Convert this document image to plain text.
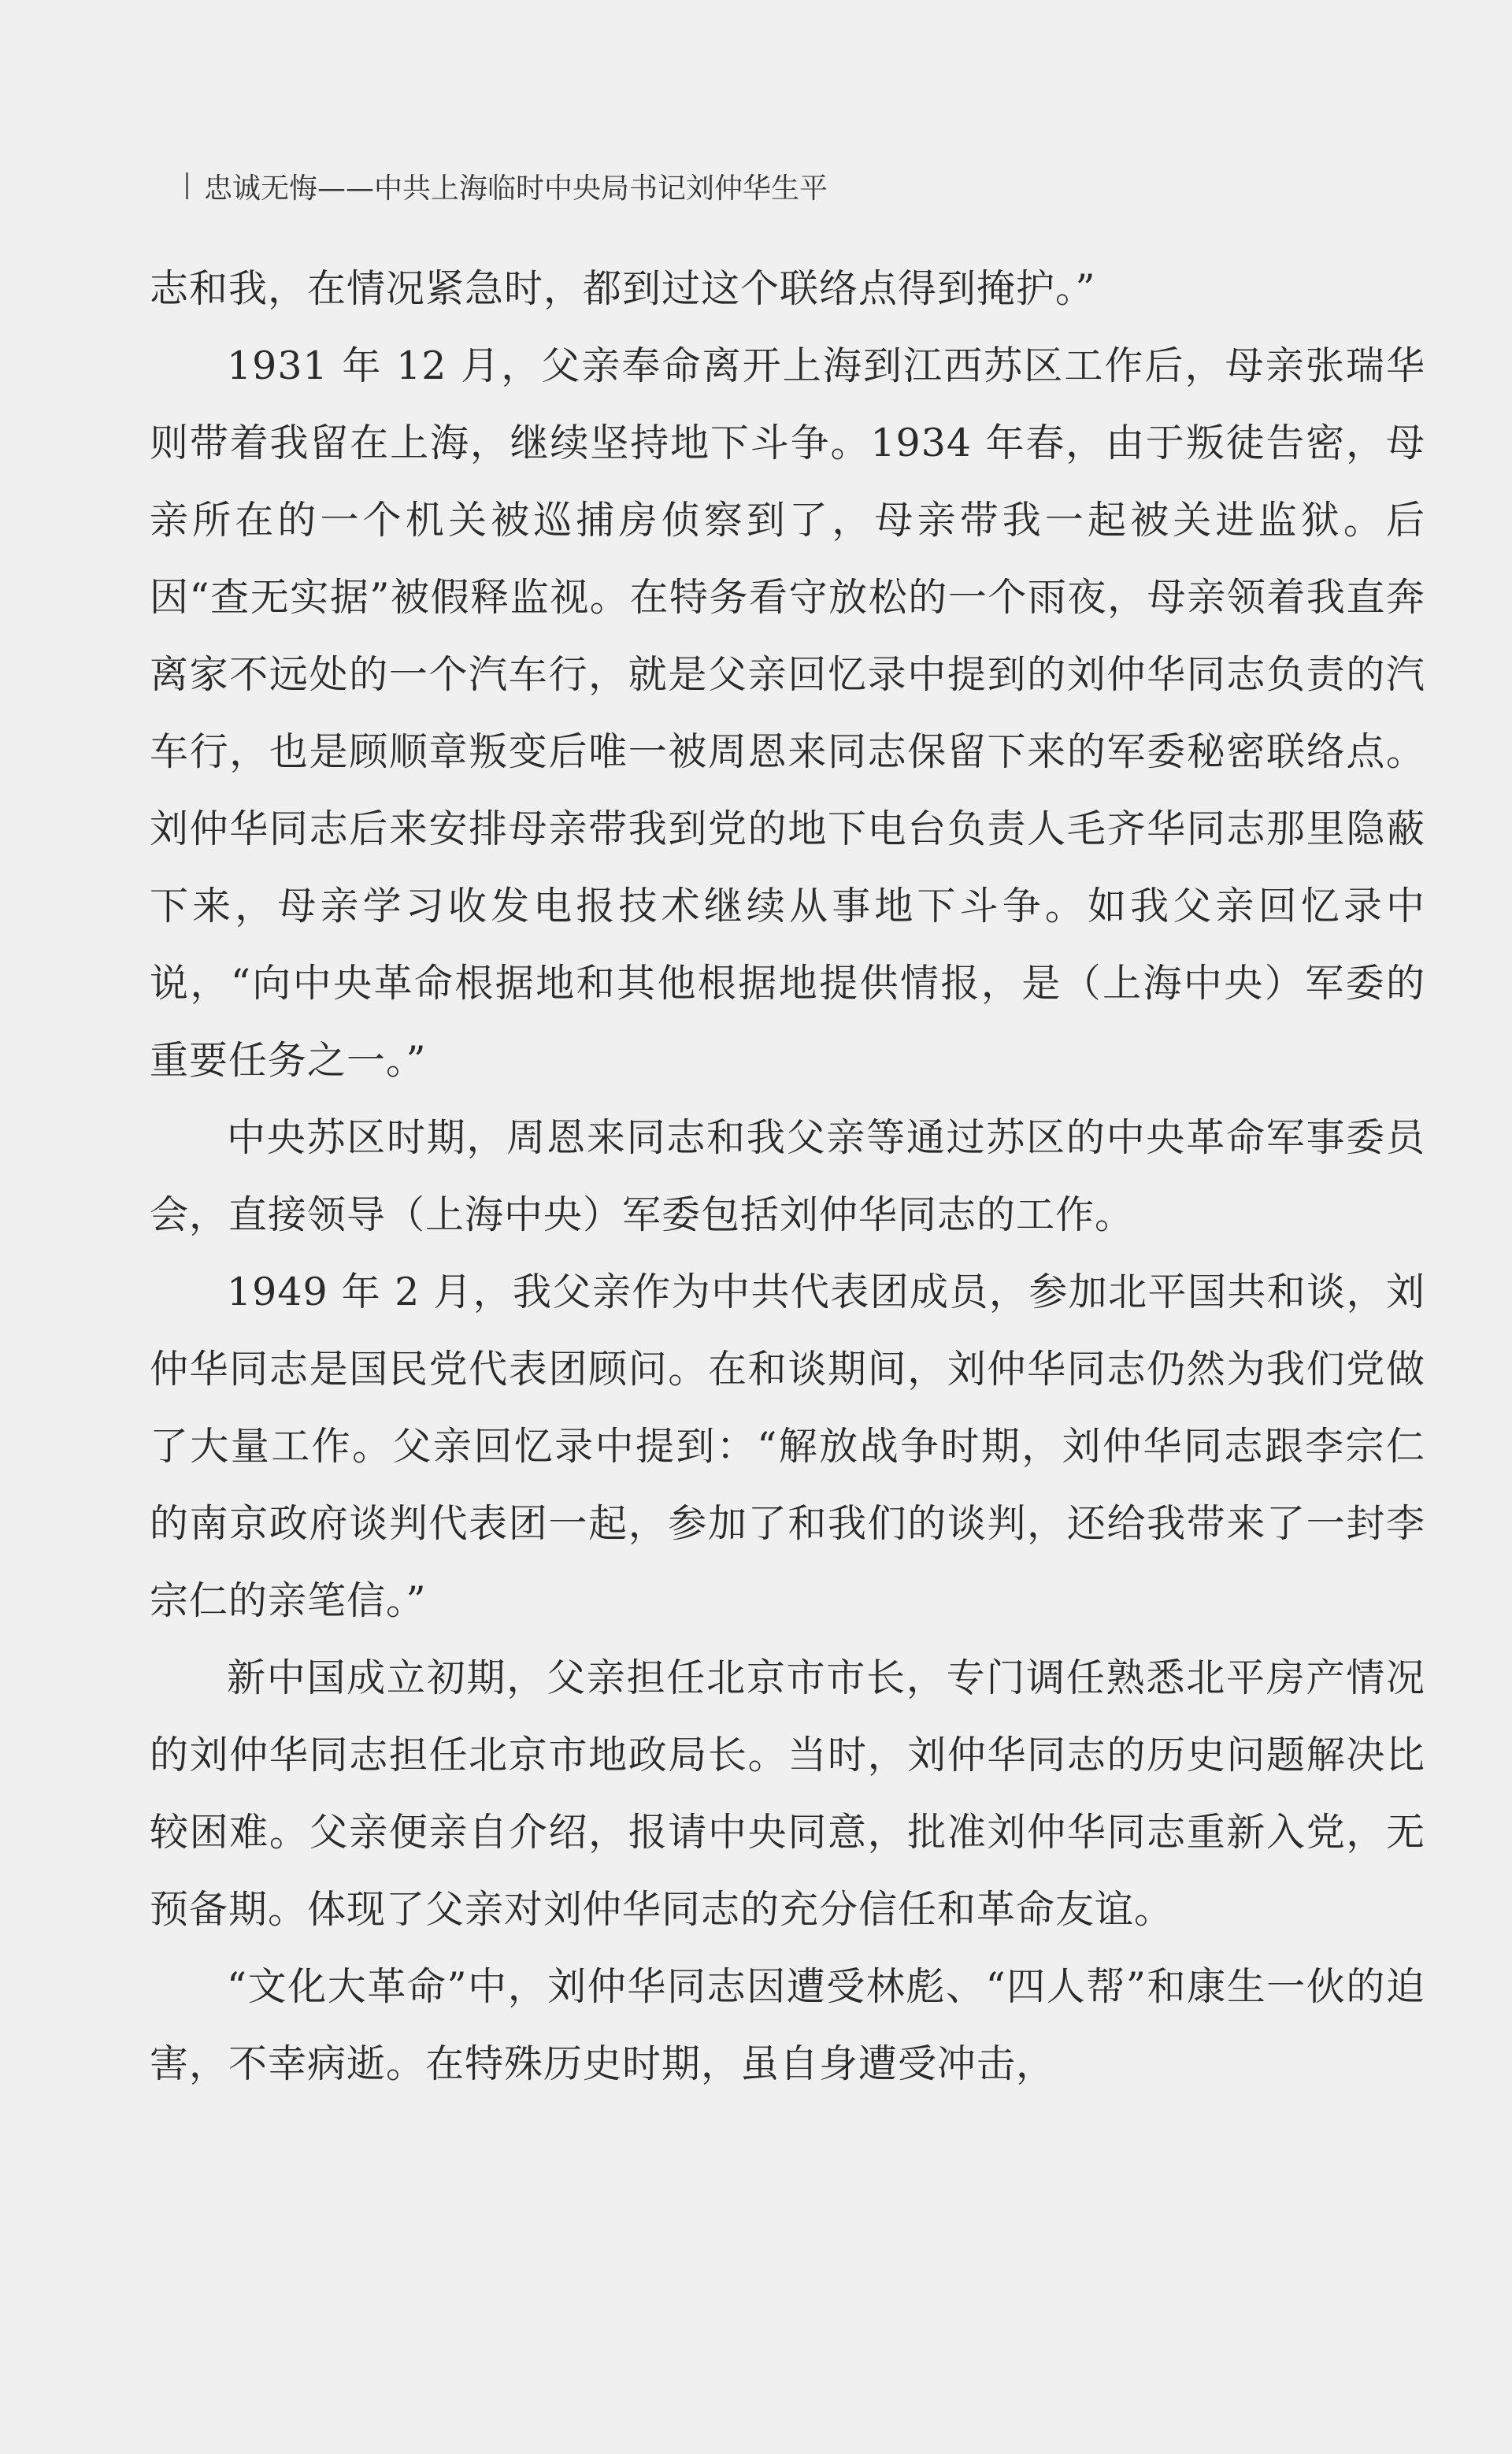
忠诚无悔——中共上海临时中央局书记刘仲华生平

志和我，在情况紧急时，都到过这个联络点得到掩护。”

1931 年 12 月，父亲奉命离开上海到江西苏区工作后，母亲张瑞华则带着我留在上海，继续坚持地下斗争。1934 年春，由于叛徒告密，母亲所在的一个机关被巡捕房侦察到了，母亲带我一起被关进监狱。后因“查无实据”被假释监视。在特务看守放松的一个雨夜，母亲领着我直奔离家不远处的一个汽车行，就是父亲回忆录中提到的刘仲华同志负责的汽车行，也是顾顺章叛变后唯一被周恩来同志保留下来的军委秘密联络点。刘仲华同志后来安排母亲带我到党的地下电台负责人毛齐华同志那里隐蔽下来，母亲学习收发电报技术继续从事地下斗争。如我父亲回忆录中说，“向中央革命根据地和其他根据地提供情报，是（上海中央）军委的重要任务之一。”

中央苏区时期，周恩来同志和我父亲等通过苏区的中央革命军事委员会，直接领导（上海中央）军委包括刘仲华同志的工作。

1949 年 2 月，我父亲作为中共代表团成员，参加北平国共和谈，刘仲华同志是国民党代表团顾问。在和谈期间，刘仲华同志仍然为我们党做了大量工作。父亲回忆录中提到：“解放战争时期，刘仲华同志跟李宗仁的南京政府谈判代表团一起，参加了和我们的谈判，还给我带来了一封李宗仁的亲笔信。”

新中国成立初期，父亲担任北京市市长，专门调任熟悉北平房产情况的刘仲华同志担任北京市地政局长。当时，刘仲华同志的历史问题解决比较困难。父亲便亲自介绍，报请中央同意，批准刘仲华同志重新入党，无预备期。体现了父亲对刘仲华同志的充分信任和革命友谊。

“文化大革命”中，刘仲华同志因遭受林彪、“四人帮”和康生一伙的迫害，不幸病逝。在特殊历史时期，虽自身遭受冲击，
